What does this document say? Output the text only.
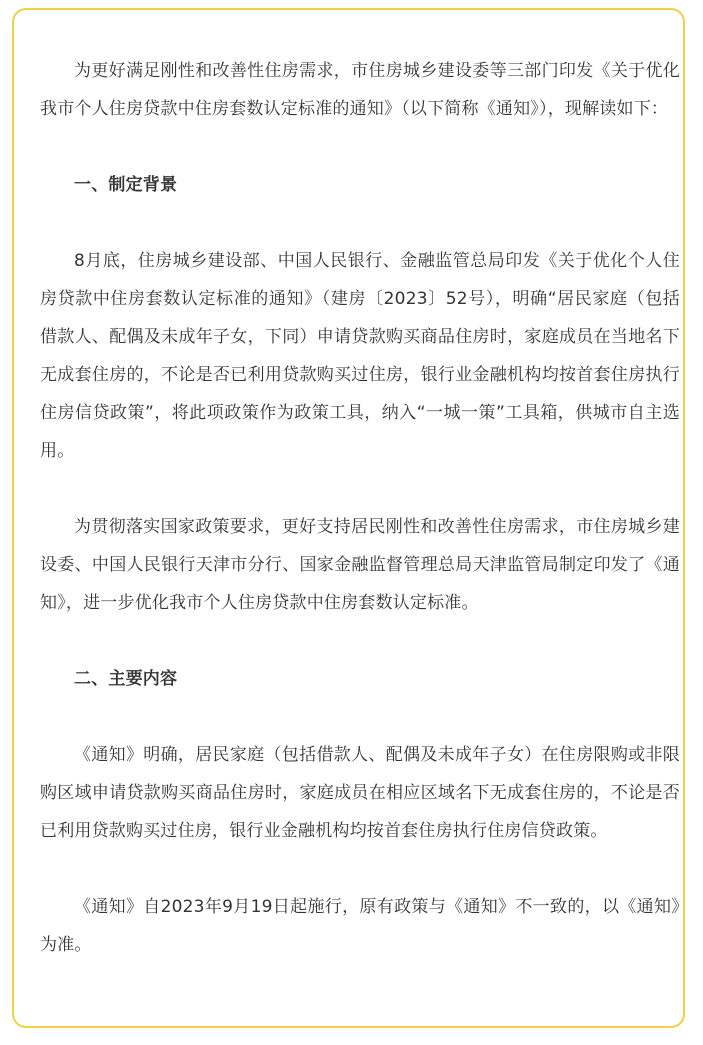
为更好满足刚性和改善性住房需求，市住房城乡建设委等三部门印发《关于优化我市个人住房贷款中住房套数认定标准的通知》（以下简称《通知》），现解读如下：

一、制定背景

8月底，住房城乡建设部、中国人民银行、金融监管总局印发《关于优化个人住房贷款中住房套数认定标准的通知》（建房〔2023〕52号），明确“居民家庭（包括借款人、配偶及未成年子女，下同）申请贷款购买商品住房时，家庭成员在当地名下无成套住房的，不论是否已利用贷款购买过住房，银行业金融机构均按首套住房执行住房信贷政策”，将此项政策作为政策工具，纳入“一城一策”工具箱，供城市自主选用。

为贯彻落实国家政策要求，更好支持居民刚性和改善性住房需求，市住房城乡建设委、中国人民银行天津市分行、国家金融监督管理总局天津监管局制定印发了《通知》，进一步优化我市个人住房贷款中住房套数认定标准。

二、主要内容

《通知》明确，居民家庭（包括借款人、配偶及未成年子女）在住房限购或非限购区域申请贷款购买商品住房时，家庭成员在相应区域名下无成套住房的，不论是否已利用贷款购买过住房，银行业金融机构均按首套住房执行住房信贷政策。

《通知》自2023年9月19日起施行，原有政策与《通知》不一致的，以《通知》为准。
